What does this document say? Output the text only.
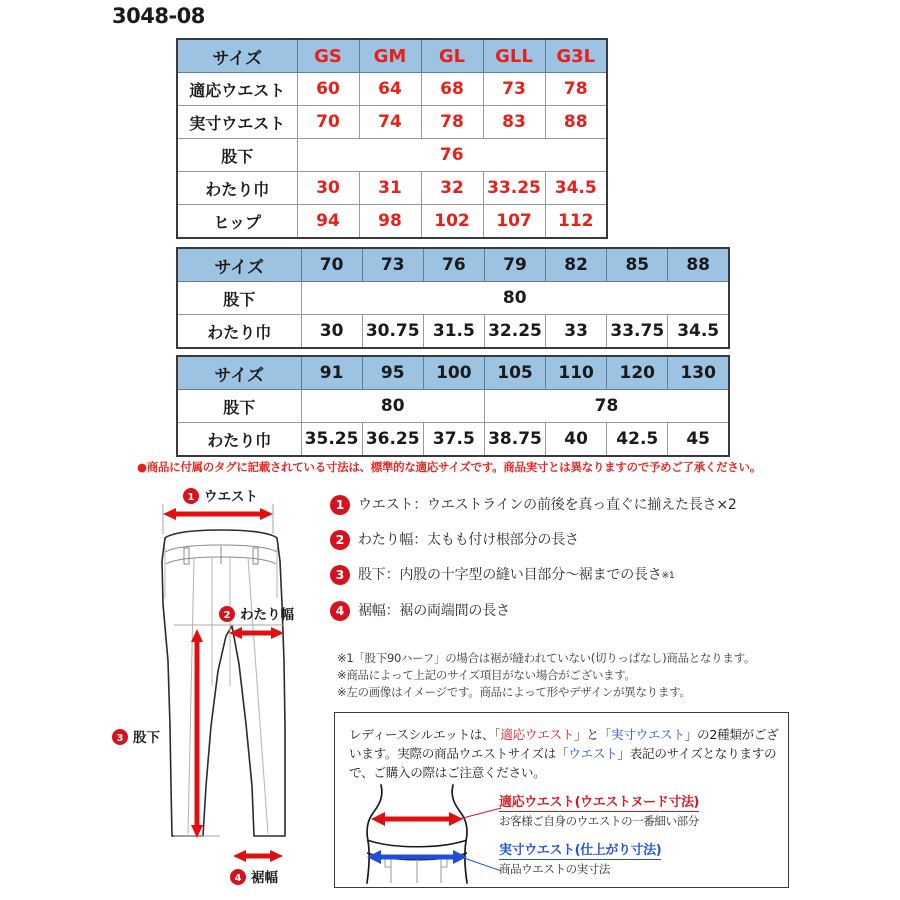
3048-08
サイズ	GS	GM	GL	GLL	G3L
適応ウエスト	60	64	68	73	78
実寸ウエスト	70	74	78	83	88
股下	76				
わたり巾	30	31	32	33.25	34.5
ヒップ	94	98	102	107	112
サイズ	70	73	76	79	82	85	88
股下	80						
わたり巾	30	30.75	31.5	32.25	33	33.75	34.5
サイズ	91	95	100	105	110	120	130
股下	80			78			
わたり巾	35.25	36.25	37.5	38.75	40	42.5	45
●商品に付属のタグに記載されている寸法は、標準的な適応サイズです。商品実寸とは異なりますので予めご了承ください。
1 ウエスト
2 わたり幅
3 股下
4 裾幅
1 ウエスト：ウエストラインの前後を真っ直ぐに揃えた長さ×2
2 わたり幅：太もも付け根部分の長さ
3 股下：内股の十字型の縫い目部分～裾までの長さ※1
4 裾幅：裾の両端間の長さ
※1「股下90ハーフ」の場合は裾が縫われていない(切りっぱなし)商品となります。
※商品によって上記のサイズ項目がない場合がございます。
※左の画像はイメージです。商品によって形やデザインが異なります。
レディースシルエットは、「適応ウエスト」と「実寸ウエスト」の2種類がございます。実際の商品ウエストサイズは「ウエスト」表記のサイズとなりますので、ご購入の際はご注意ください。
適応ウエスト(ウエストヌード寸法)
お客様ご自身のウエストの一番細い部分
実寸ウエスト(仕上がり寸法)
商品ウエストの実寸法
